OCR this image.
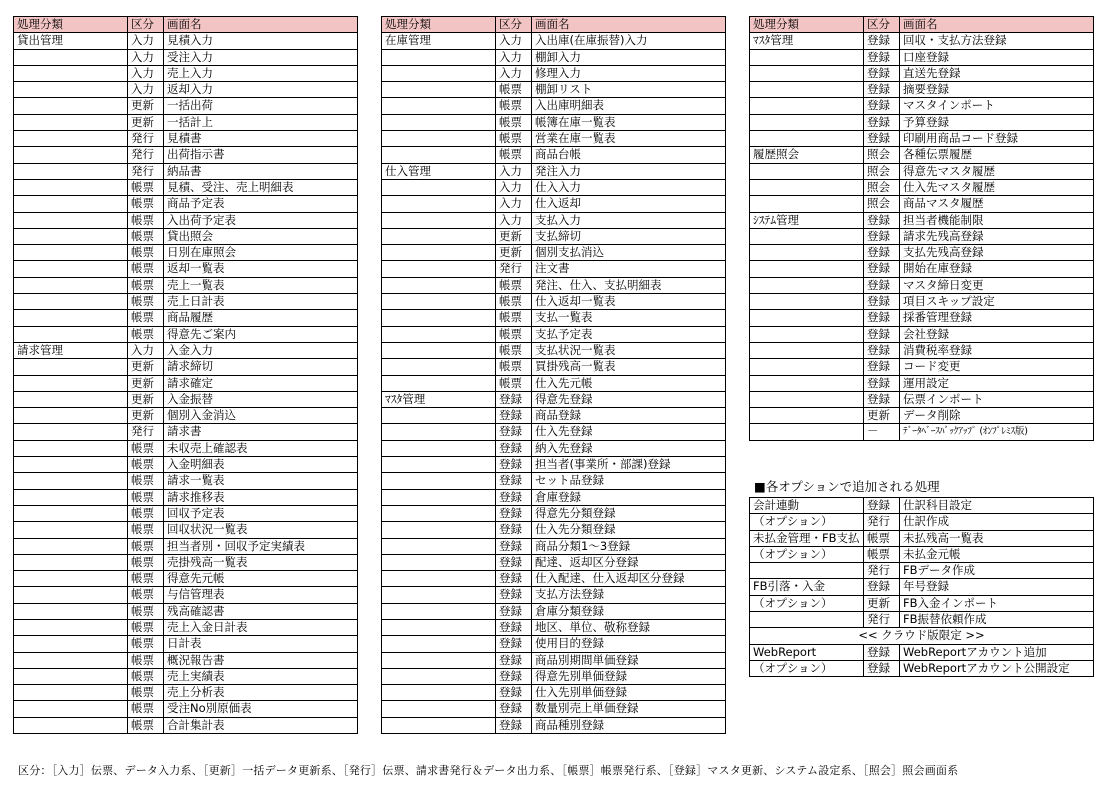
処理分類	区分	画面名
貸出管理	入力	見積入力
	入力	受注入力
	入力	売上入力
	入力	返却入力
	更新	一括出荷
	更新	一括計上
	発行	見積書
	発行	出荷指示書
	発行	納品書
	帳票	見積、受注、売上明細表
	帳票	商品予定表
	帳票	入出荷予定表
	帳票	貸出照会
	帳票	日別在庫照会
	帳票	返却一覧表
	帳票	売上一覧表
	帳票	売上日計表
	帳票	商品履歴
	帳票	得意先ご案内
請求管理	入力	入金入力
	更新	請求締切
	更新	請求確定
	更新	入金振替
	更新	個別入金消込
	発行	請求書
	帳票	未収売上確認表
	帳票	入金明細表
	帳票	請求一覧表
	帳票	請求推移表
	帳票	回収予定表
	帳票	回収状況一覧表
	帳票	担当者別・回収予定実績表
	帳票	売掛残高一覧表
	帳票	得意先元帳
	帳票	与信管理表
	帳票	残高確認書
	帳票	売上入金日計表
	帳票	日計表
	帳票	概況報告書
	帳票	売上実績表
	帳票	売上分析表
	帳票	受注No別原価表
	帳票	合計集計表
処理分類	区分	画面名
在庫管理	入力	入出庫(在庫振替)入力
	入力	棚卸入力
	入力	修理入力
	帳票	棚卸リスト
	帳票	入出庫明細表
	帳票	帳簿在庫一覧表
	帳票	営業在庫一覧表
	帳票	商品台帳
仕入管理	入力	発注入力
	入力	仕入入力
	入力	仕入返却
	入力	支払入力
	更新	支払締切
	更新	個別支払消込
	発行	注文書
	帳票	発注、仕入、支払明細表
	帳票	仕入返却一覧表
	帳票	支払一覧表
	帳票	支払予定表
	帳票	支払状況一覧表
	帳票	買掛残高一覧表
	帳票	仕入先元帳
ﾏｽﾀ管理	登録	得意先登録
	登録	商品登録
	登録	仕入先登録
	登録	納入先登録
	登録	担当者(事業所・部課)登録
	登録	セット品登録
	登録	倉庫登録
	登録	得意先分類登録
	登録	仕入先分類登録
	登録	商品分類1～3登録
	登録	配達、返却区分登録
	登録	仕入配達、仕入返却区分登録
	登録	支払方法登録
	登録	倉庫分類登録
	登録	地区、単位、敬称登録
	登録	使用目的登録
	登録	商品別期間単価登録
	登録	得意先別単価登録
	登録	仕入先別単価登録
	登録	数量別売上単価登録
	登録	商品種別登録
処理分類	区分	画面名
ﾏｽﾀ管理	登録	回収・支払方法登録
	登録	口座登録
	登録	直送先登録
	登録	摘要登録
	登録	マスタインポート
	登録	予算登録
	登録	印刷用商品コード登録
履歴照会	照会	各種伝票履歴
	照会	得意先マスタ履歴
	照会	仕入先マスタ履歴
	照会	商品マスタ履歴
ｼｽﾃﾑ管理	登録	担当者機能制限
	登録	請求先残高登録
	登録	支払先残高登録
	登録	開始在庫登録
	登録	マスタ締日変更
	登録	項目スキップ設定
	登録	採番管理登録
	登録	会社登録
	登録	消費税率登録
	登録	コード変更
	登録	運用設定
	登録	伝票インポート
	更新	データ削除
	－	ﾃﾞｰﾀﾍﾞｰｽﾊﾞｯｸｱｯﾌﾟ (ｵﾝﾌﾟﾚﾐｽ版)
■各オプションで追加される処理
会計連動	登録	仕訳科目設定
（オプション）	発行	仕訳作成
未払金管理・FB支払	帳票	未払残高一覧表
（オプション）	帳票	未払金元帳
	発行	FBデータ作成
FB引落・入金	登録	年号登録
（オプション）	更新	FB入金インポート
	発行	FB振替依頼作成
<< クラウド版限定 >>		
WebReport	登録	WebReportアカウント追加
（オプション）	登録	WebReportアカウント公開設定
区分：［入力］伝票、データ入力系、［更新］一括データ更新系、［発行］伝票、請求書発行＆データ出力系、［帳票］帳票発行系、［登録］マスタ更新、システム設定系、［照会］照会画面系
